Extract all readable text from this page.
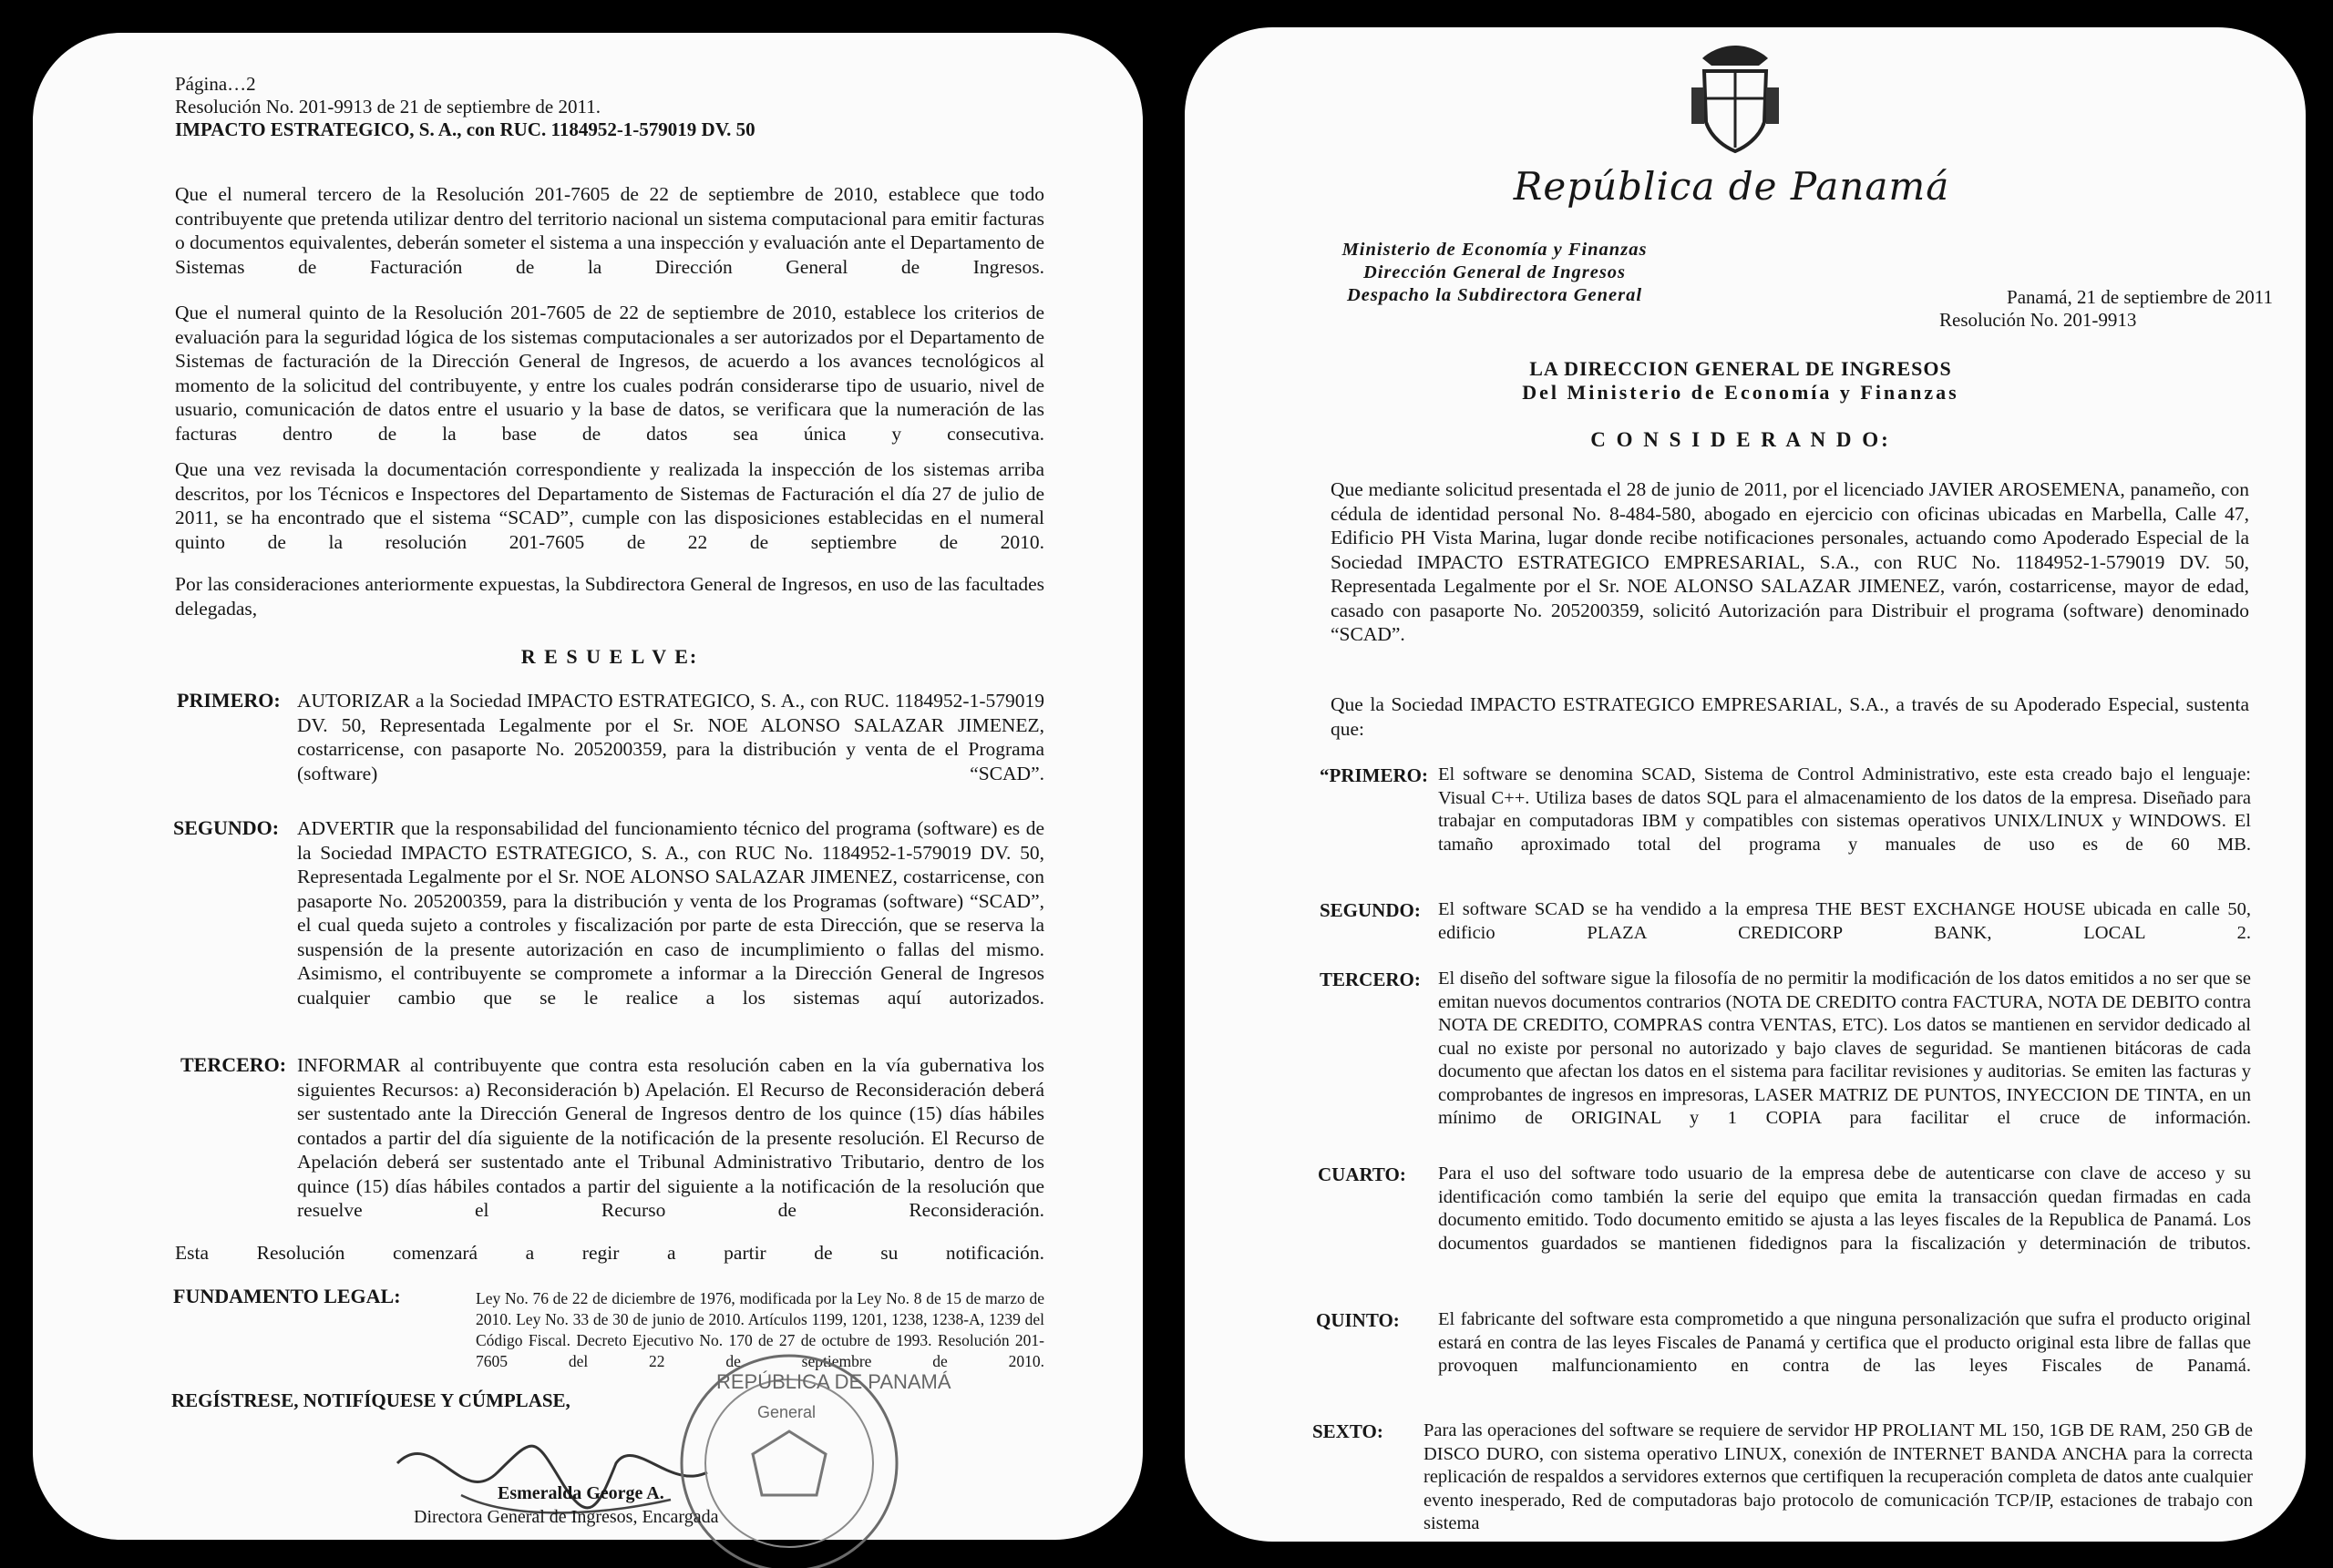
Página…2
Resolución No. 201-9913 de 21 de septiembre de 2011.
IMPACTO ESTRATEGICO, S. A., con RUC. 1184952-1-579019 DV. 50

Que el numeral tercero de la Resolución 201-7605 de 22 de septiembre de 2010, establece que todo contribuyente que pretenda utilizar dentro del territorio nacional un sistema computacional para emitir facturas o documentos equivalentes, deberán someter el sistema a una inspección y evaluación ante el Departamento de Sistemas de Facturación de la Dirección General de Ingresos.

Que el numeral quinto de la Resolución 201-7605 de 22 de septiembre de 2010, establece los criterios de evaluación para la seguridad lógica de los sistemas computacionales a ser autorizados por el Departamento de Sistemas de facturación de la Dirección General de Ingresos, de acuerdo a los avances tecnológicos al momento de la solicitud del contribuyente, y entre los cuales podrán considerarse tipo de usuario, nivel de usuario, comunicación de datos entre el usuario y la base de datos, se verificara que la numeración de las facturas dentro de la base de datos sea única y consecutiva.

Que una vez revisada la documentación correspondiente y realizada la inspección de los sistemas arriba descritos, por los Técnicos e Inspectores del Departamento de Sistemas de Facturación el día 27 de julio de 2011, se ha encontrado que el sistema “SCAD”, cumple con las disposiciones establecidas en el numeral quinto de la resolución 201-7605 de 22 de septiembre de 2010.

Por las consideraciones anteriormente expuestas, la Subdirectora General de Ingresos, en uso de las facultades delegadas,

R E S U E L V E:
PRIMERO: AUTORIZAR a la Sociedad IMPACTO ESTRATEGICO, S. A., con RUC. 1184952-1-579019 DV. 50, Representada Legalmente por el Sr. NOE ALONSO SALAZAR JIMENEZ, costarricense, con pasaporte No. 205200359, para la distribución y venta de el Programa (software) “SCAD”.

SEGUNDO: ADVERTIR que la responsabilidad del funcionamiento técnico del programa (software) es de la Sociedad IMPACTO ESTRATEGICO, S. A., con RUC No. 1184952-1-579019 DV. 50, Representada Legalmente por el Sr. NOE ALONSO SALAZAR JIMENEZ, costarricense, con pasaporte No. 205200359, para la distribución y venta de los Programas (software) “SCAD”, el cual queda sujeto a controles y fiscalización por parte de esta Dirección, que se reserva la suspensión de la presente autorización en caso de incumplimiento o fallas del mismo. Asimismo, el contribuyente se compromete a informar a la Dirección General de Ingresos cualquier cambio que se le realice a los sistemas aquí autorizados.

TERCERO: INFORMAR al contribuyente que contra esta resolución caben en la vía gubernativa los siguientes Recursos: a) Reconsideración b) Apelación. El Recurso de Reconsideración deberá ser sustentado ante la Dirección General de Ingresos dentro de los quince (15) días hábiles contados a partir del día siguiente de la notificación de la presente resolución. El Recurso de Apelación deberá ser sustentado ante el Tribunal Administrativo Tributario, dentro de los quince (15) días hábiles contados a partir del siguiente a la notificación de la resolución que resuelve el Recurso de Reconsideración.

Esta Resolución comenzará a regir a partir de su notificación.
FUNDAMENTO LEGAL:	Ley No. 76 de 22 de diciembre de 1976, modificada por la Ley No. 8 de 15 de marzo de 2010. Ley No. 33 de 30 de junio de 2010. Artículos 1199, 1201, 1238, 1238-A, 1239 del Código Fiscal. Decreto Ejecutivo No. 170 de 27 de octubre de 1993. Resolución 201-7605 del 22 de septiembre de 2010.

REGÍSTRESE, NOTIFÍQUESE Y CÚMPLASE,
REPÚBLICA DE PANAMÁ
General
Esmeralda George A.
Directora General de Ingresos, Encargada
República de Panamá
Ministerio de Economía y Finanzas
Dirección General de Ingresos
Despacho la Subdirectora General	Panamá, 21 de septiembre de 2011
Resolución No. 201-9913
LA DIRECCION GENERAL DE INGRESOS
Del Ministerio de Economía y Finanzas
C O N S I D E R A N D O:

Que mediante solicitud presentada el 28 de junio de 2011, por el licenciado JAVIER AROSEMENA, panameño, con cédula de identidad personal No. 8-484-580, abogado en ejercicio con oficinas ubicadas en Marbella, Calle 47, Edificio PH Vista Marina, lugar donde recibe notificaciones personales, actuando como Apoderado Especial de la Sociedad IMPACTO ESTRATEGICO EMPRESARIAL, S.A., con RUC No. 1184952-1-579019 DV. 50, Representada Legalmente por el Sr. NOE ALONSO SALAZAR JIMENEZ, varón, costarricense, mayor de edad, casado con pasaporte No. 205200359, solicitó Autorización para Distribuir el programa (software) denominado “SCAD”.

Que la Sociedad IMPACTO ESTRATEGICO EMPRESARIAL, S.A., a través de su Apoderado Especial, sustenta que:

“PRIMERO: El software se denomina SCAD, Sistema de Control Administrativo, este esta creado bajo el lenguaje: Visual C++. Utiliza bases de datos SQL para el almacenamiento de los datos de la empresa. Diseñado para trabajar en computadoras IBM y compatibles con sistemas operativos UNIX/LINUX y WINDOWS. El tamaño aproximado total del programa y manuales de uso es de 60 MB.

SEGUNDO: El software SCAD se ha vendido a la empresa THE BEST EXCHANGE HOUSE ubicada en calle 50, edificio PLAZA CREDICORP BANK, LOCAL 2.

TERCERO: El diseño del software sigue la filosofía de no permitir la modificación de los datos emitidos a no ser que se emitan nuevos documentos contrarios (NOTA DE CREDITO contra FACTURA, NOTA DE DEBITO contra NOTA DE CREDITO, COMPRAS contra VENTAS, ETC). Los datos se mantienen en servidor dedicado al cual no existe por personal no autorizado y bajo claves de seguridad. Se mantienen bitácoras de cada documento que afectan los datos en el sistema para facilitar revisiones y auditorias. Se emiten las facturas y comprobantes de ingresos en impresoras, LASER MATRIZ DE PUNTOS, INYECCION DE TINTA, en un mínimo de ORIGINAL y 1 COPIA para facilitar el cruce de información.

CUARTO: Para el uso del software todo usuario de la empresa debe de autenticarse con clave de acceso y su identificación como también la serie del equipo que emita la transacción quedan firmadas en cada documento emitido. Todo documento emitido se ajusta a las leyes fiscales de la Republica de Panamá. Los documentos guardados se mantienen fidedignos para la fiscalización y determinación de tributos.

QUINTO: El fabricante del software esta comprometido a que ninguna personalización que sufra el producto original estará en contra de las leyes Fiscales de Panamá y certifica que el producto original esta libre de fallas que provoquen malfuncionamiento en contra de las leyes Fiscales de Panamá.

SEXTO: Para las operaciones del software se requiere de servidor HP PROLIANT ML 150, 1GB DE RAM, 250 GB de DISCO DURO, con sistema operativo LINUX, conexión de INTERNET BANDA ANCHA para la correcta replicación de respaldos a servidores externos que certifiquen la recuperación completa de datos ante cualquier evento inesperado, Red de computadoras bajo protocolo de comunicación TCP/IP, estaciones de trabajo con sistema
